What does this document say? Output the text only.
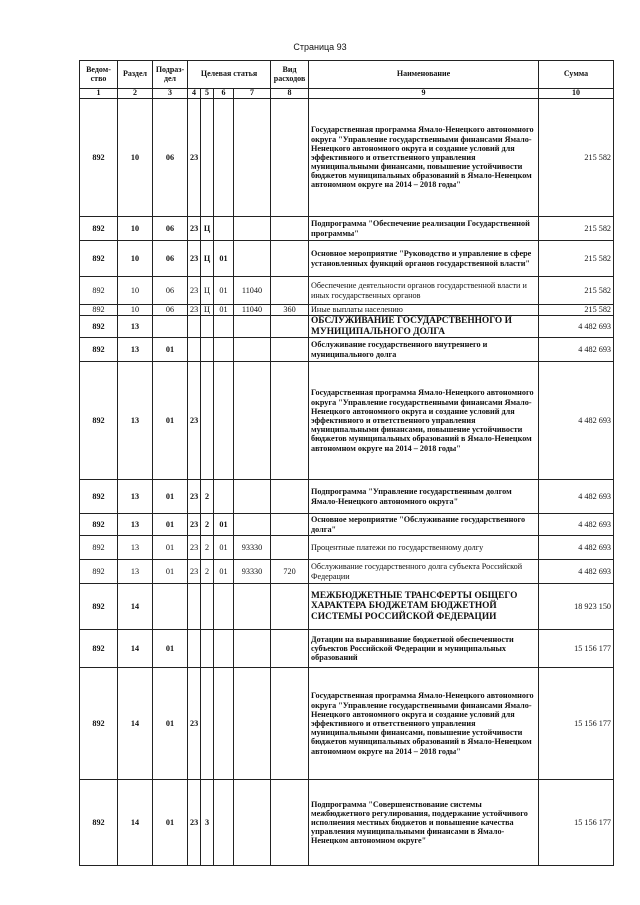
Страница 93
Ведом-ство	Раздел	Подраз-дел	Целевая статья				Вид расходов	Наименование	Сумма
1	2	3	4	5	6	7	8	9	10
892	10	06	23					Государственная программа Ямало-Ненецкого автономного округа "Управление государственными финансами Ямало-Ненецкого автономного округа и создание условий для эффективного и ответственного управления муниципальными финансами, повышение устойчивости бюджетов муниципальных образований в Ямало-Ненецком автономном округе на 2014 – 2018 годы"	215 582
892	10	06	23	Ц				Подпрограмма "Обеспечение реализации Государственной программы"	215 582
892	10	06	23	Ц	01			Основное мероприятие "Руководство и управление в сфере установленных функций органов государственной власти"	215 582
892	10	06	23	Ц	01	11040		Обеспечение деятельности органов государственной власти и иных государственных органов	215 582
892	10	06	23	Ц	01	11040	360	Иные выплаты населению	215 582
892	13							ОБСЛУЖИВАНИЕ ГОСУДАРСТВЕННОГО И МУНИЦИПАЛЬНОГО ДОЛГА	4 482 693
892	13	01						Обслуживание государственного внутреннего и муниципального долга	4 482 693
892	13	01	23					Государственная программа Ямало-Ненецкого автономного округа "Управление государственными финансами Ямало-Ненецкого автономного округа и создание условий для эффективного и ответственного управления муниципальными финансами, повышение устойчивости бюджетов муниципальных образований в Ямало-Ненецком автономном округе на 2014 – 2018 годы"	4 482 693
892	13	01	23	2				Подпрограмма "Управление государственным долгом Ямало-Ненецкого автономного округа"	4 482 693
892	13	01	23	2	01			Основное мероприятие "Обслуживание государственного долга"	4 482 693
892	13	01	23	2	01	93330		Процентные платежи по государственному долгу	4 482 693
892	13	01	23	2	01	93330	720	Обслуживание государственного долга субъекта Российской Федерации	4 482 693
892	14							МЕЖБЮДЖЕТНЫЕ ТРАНСФЕРТЫ ОБЩЕГО ХАРАКТЕРА БЮДЖЕТАМ БЮДЖЕТНОЙ СИСТЕМЫ РОССИЙСКОЙ ФЕДЕРАЦИИ	18 923 150
892	14	01						Дотации на выравнивание бюджетной обеспеченности субъектов Российской Федерации и муниципальных образований	15 156 177
892	14	01	23					Государственная программа Ямало-Ненецкого автономного округа "Управление государственными финансами Ямало-Ненецкого автономного округа и создание условий для эффективного и ответственного управления муниципальными финансами, повышение устойчивости бюджетов муниципальных образований в Ямало-Ненецком автономном округе на 2014 – 2018 годы"	15 156 177
892	14	01	23	3				Подпрограмма "Совершенствование системы межбюджетного регулирования, поддержание устойчивого исполнения местных бюджетов и повышение качества управления муниципальными финансами в Ямало-Ненецком автономном округе"	15 156 177
